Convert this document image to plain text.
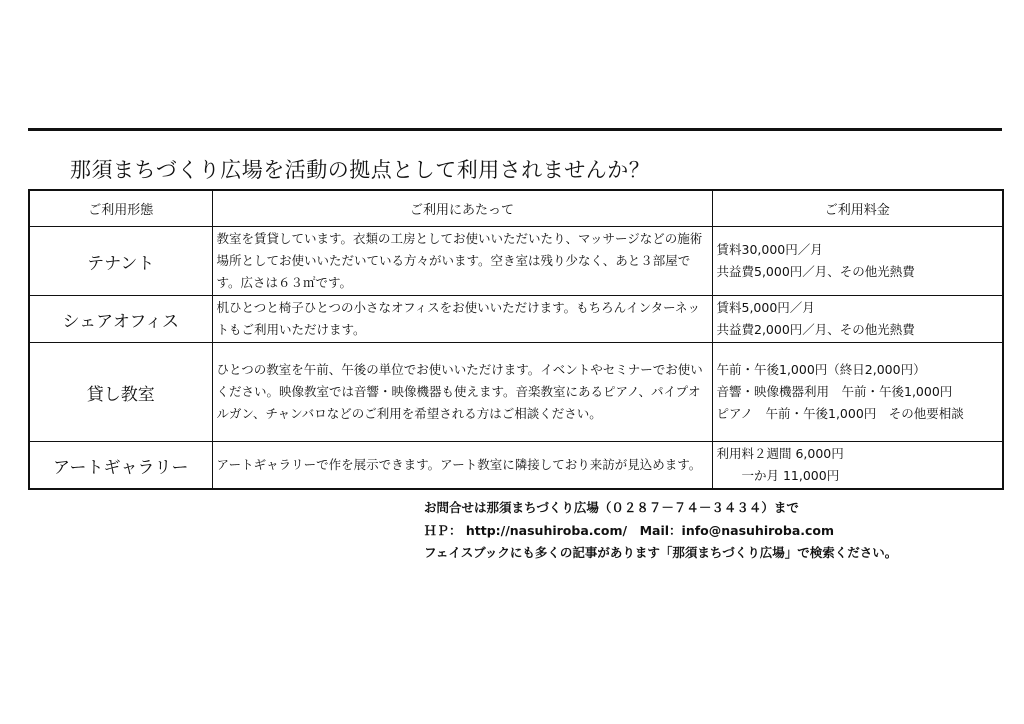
那須まちづくり広場を活動の拠点として利用されませんか？
ご利用形態	ご利用にあたって	ご利用料金
テナント	教室を賃貸しています。衣類の工房としてお使いいただいたり、マッサージなどの施術場所としてお使いいただいている方々がいます。空き室は残り少なく、あと３部屋です。広さは６３㎡です。	賃料30,000円／月
共益費5,000円／月、その他光熱費

シェアオフィス	机ひとつと椅子ひとつの小さなオフィスをお使いいただけます。もちろんインターネットもご利用いただけます。	賃料5,000円／月
共益費2,000円／月、その他光熱費

貸し教室	ひとつの教室を午前、午後の単位でお使いいただけます。イベントやセミナーでお使いください。映像教室では音響・映像機器も使えます。音楽教室にあるピアノ、パイプオルガン、チャンバロなどのご利用を希望される方はご相談ください。	午前・午後1,000円（終日2,000円）
音響・映像機器利用　午前・午後1,000円
ピアノ　午前・午後1,000円　その他要相談

アートギャラリー	アートギャラリーで作を展示できます。アート教室に隣接しており来訪が見込めます。	利用料２週間 6,000円
　　一か月 11,000円
お問合せは那須まちづくり広場（０２８７－７４－３４３４）まで
ＨＰ： http://nasuhiroba.com/　Mail：info@nasuhiroba.com
フェイスブックにも多くの記事があります「那須まちづくり広場」で検索ください。
